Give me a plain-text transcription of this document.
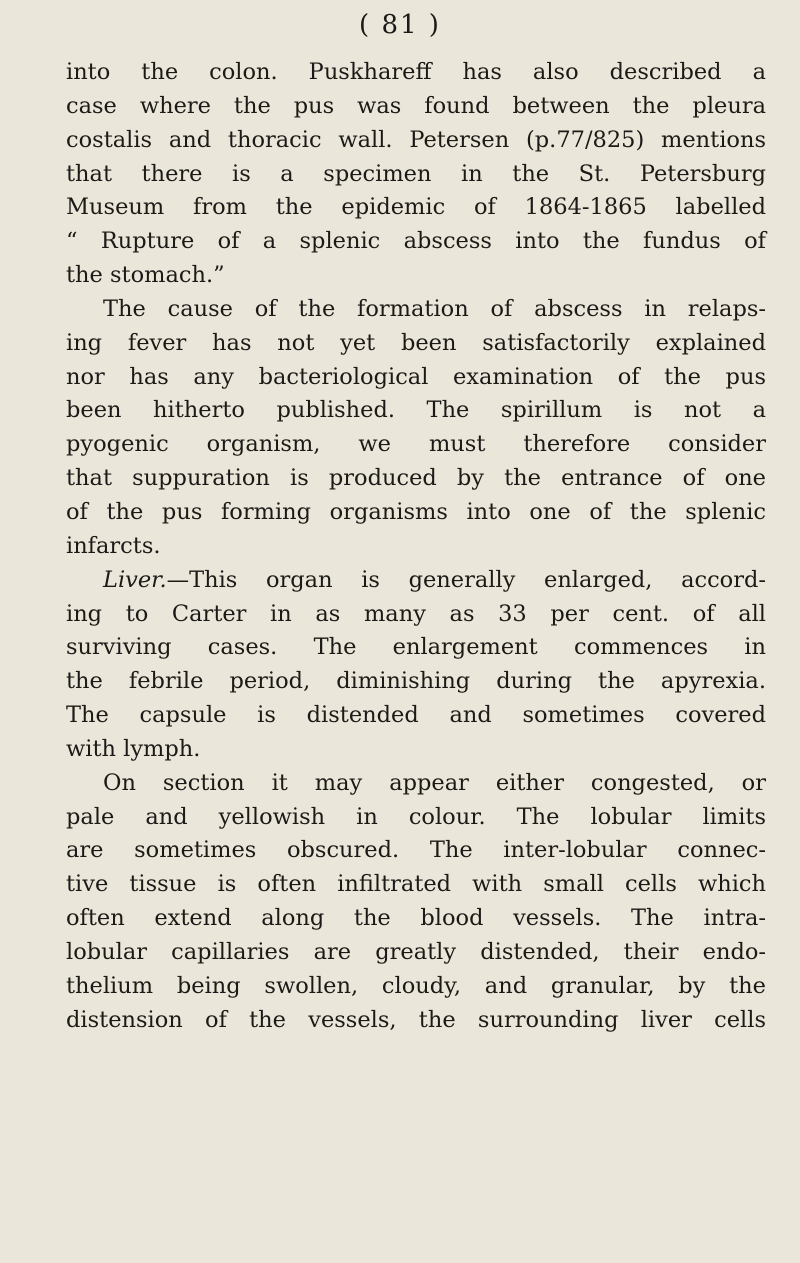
( 81 )
into the colon. Puskhareff has also described a
case where the pus was found between the pleura
costalis and thoracic wall. Petersen (p.77/825) mentions
that there is a specimen in the St. Petersburg
Museum from the epidemic of 1864-1865 labelled
“ Rupture of a splenic abscess into the fundus of
the stomach.”
The cause of the formation of abscess in relaps-
ing fever has not yet been satisfactorily explained
nor has any bacteriological examination of the pus
been hitherto published. The spirillum is not a
pyogenic organism, we must therefore consider
that suppuration is produced by the entrance of one
of the pus forming organisms into one of the splenic
infarcts.
Liver.—This organ is generally enlarged, accord-
ing to Carter in as many as 33 per cent. of all
surviving cases. The enlargement commences in
the febrile period, diminishing during the apyrexia.
The capsule is distended and sometimes covered
with lymph.
On section it may appear either congested, or
pale and yellowish in colour. The lobular limits
are sometimes obscured. The inter-lobular connec-
tive tissue is often infiltrated with small cells which
often extend along the blood vessels. The intra-
lobular capillaries are greatly distended, their endo-
thelium being swollen, cloudy, and granular, by the
distension of the vessels, the surrounding liver cells
